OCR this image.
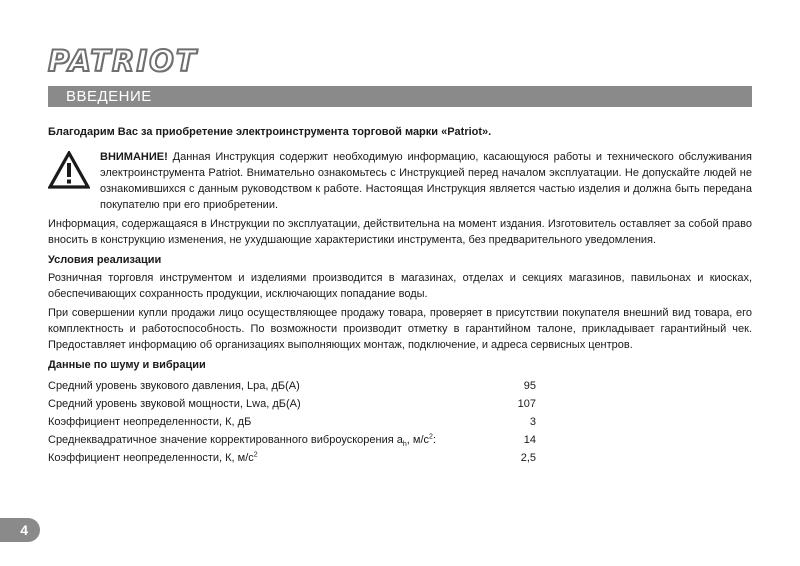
PATRIOT
ВВЕДЕНИЕ

Благодарим Вас за приобретение электроинструмента торговой марки «Patriot».

ВНИМАНИЕ! Данная Инструкция содержит необходимую информацию, касающуюся работы и технического обслуживания электроинструмента Patriot. Внимательно ознакомьтесь с Инструкцией перед началом эксплуатации. Не допускайте людей не ознакомившихся с данным руководством к работе. Настоящая Инструкция является частью изделия и должна быть передана покупателю при его приобретении.

Информация, содержащаяся в Инструкции по эксплуатации, действительна на момент издания. Изготовитель оставляет за собой право вносить в конструкцию изменения, не ухудшающие характеристики инструмента, без предварительного уведомления.

Условия реализации

Розничная торговля инструментом и изделиями производится в магазинах, отделах и секциях магазинов, павильонах и киосках, обеспечивающих сохранность продукции, исключающих попадание воды.

При совершении купли продажи лицо осуществляющее продажу товара, проверяет в присутствии покупателя внешний вид товара, его комплектность и работоспособность. По возможности производит отметку в гарантийном талоне, прикладывает гарантийный чек. Предоставляет информацию об организациях выполняющих монтаж, подключение, и адреса сервисных центров.

Данные по шуму и вибрации
Средний уровень звукового давления, Lpa, дБ(А)	95
Средний уровень звуковой мощности, Lwa, дБ(А)	107
Коэффициент неопределенности, К, дБ	3
Среднеквадратичное значение корректированного виброускорения $a_h$, $м/с^2$:	14
Коэффициент неопределенности, К, $м/с^2$	2,5
4
